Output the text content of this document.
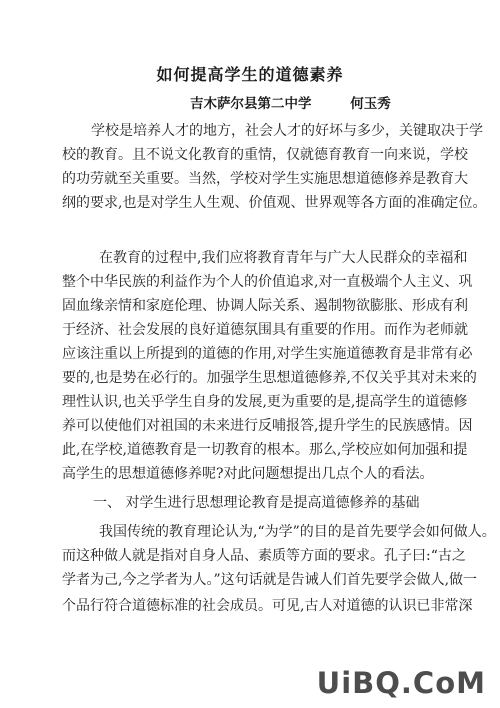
如何提高学生的道德素养
吉木萨尔县第二中学	何玉秀
学校是培养人才的地方，社会人才的好坏与多少，关键取决于学
校的教育。且不说文化教育的重情，仅就德育教育一向来说，学校
的功劳就至关重要。当然，学校对学生实施思想道德修养是教育大
纲的要求,也是对学生人生观、价值观、世界观等各方面的准确定位。
在教育的过程中,我们应将教育青年与广大人民群众的幸福和
整个中华民族的利益作为个人的价值追求,对一直极端个人主义、巩
固血缘亲情和家庭伦理、协调人际关系、遏制物欲膨胀、形成有利
于经济、社会发展的良好道德氛围具有重要的作用。而作为老师就
应该注重以上所提到的道德的作用,对学生实施道德教育是非常有必
要的,也是势在必行的。加强学生思想道德修养,不仅关乎其对未来的
理性认识,也关乎学生自身的发展,更为重要的是,提高学生的道德修
养可以使他们对祖国的未来进行反哺报答,提升学生的民族感情。因
此,在学校,道德教育是一切教育的根本。那么,学校应如何加强和提
高学生的思想道德修养呢?对此问题想提出几点个人的看法。
一、 对学生进行思想理论教育是提高道德修养的基础
我国传统的教育理论认为,“为学”的目的是首先要学会如何做人。
而这种做人就是指对自身人品、素质等方面的要求。孔子曰:“古之
学者为己,今之学者为人。”这句话就是告诫人们首先要学会做人,做一
个品行符合道德标准的社会成员。可见,古人对道德的认识已非常深
UiBQ.CoM
